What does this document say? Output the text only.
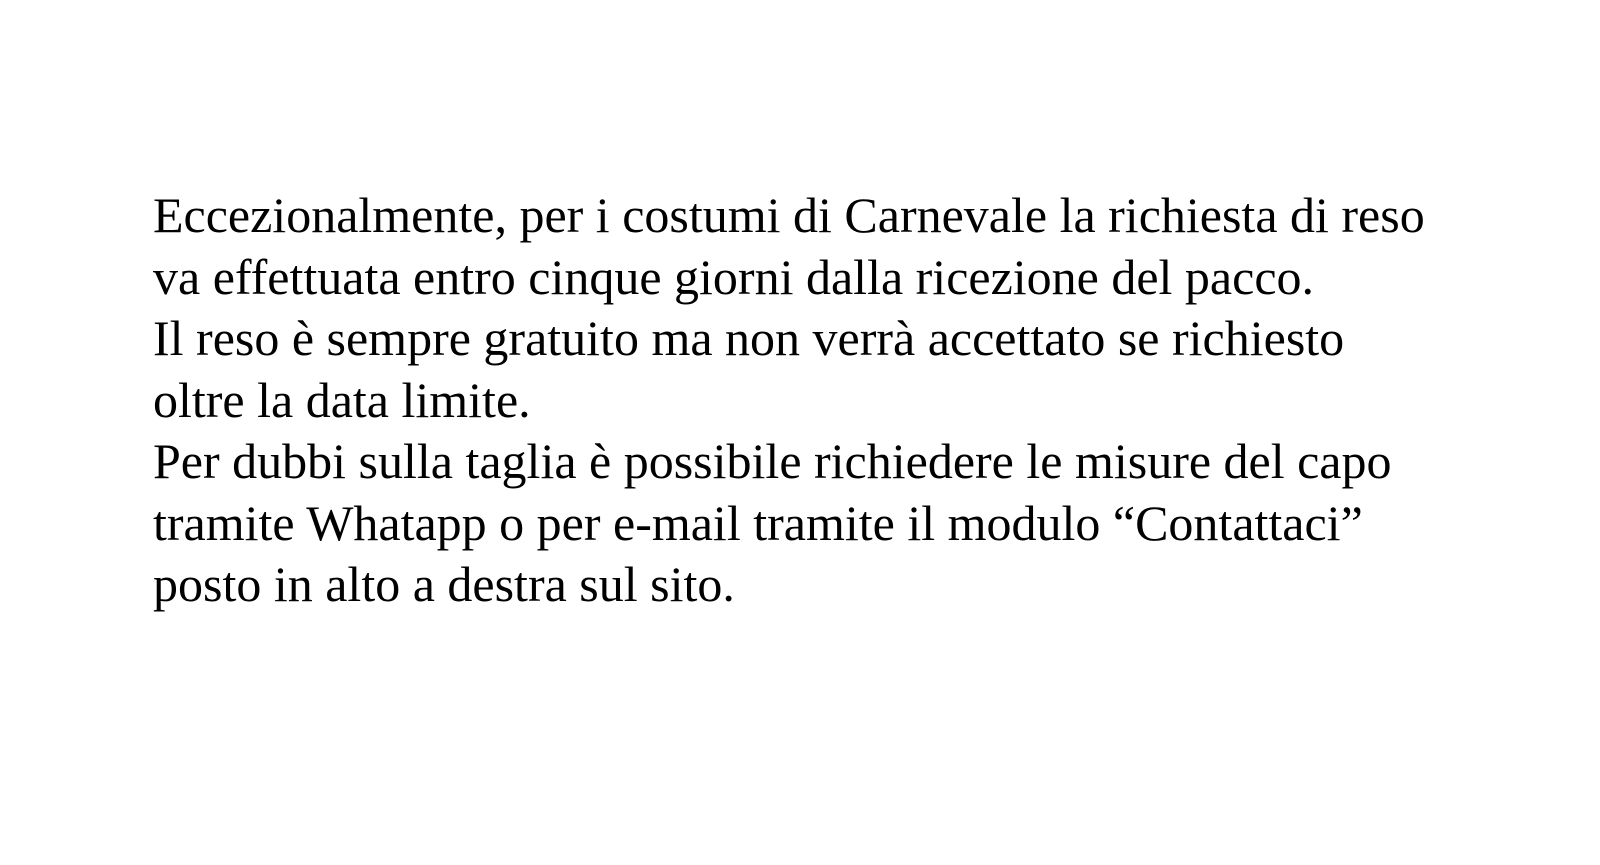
Eccezionalmente, per i costumi di Carnevale la richiesta di reso
va effettuata entro cinque giorni dalla ricezione del pacco.
Il reso è sempre gratuito ma non verrà accettato se richiesto
oltre la data limite.
Per dubbi sulla taglia è possibile richiedere le misure del capo
tramite Whatapp o per e-mail tramite il modulo “Contattaci”
posto in alto a destra sul sito.
